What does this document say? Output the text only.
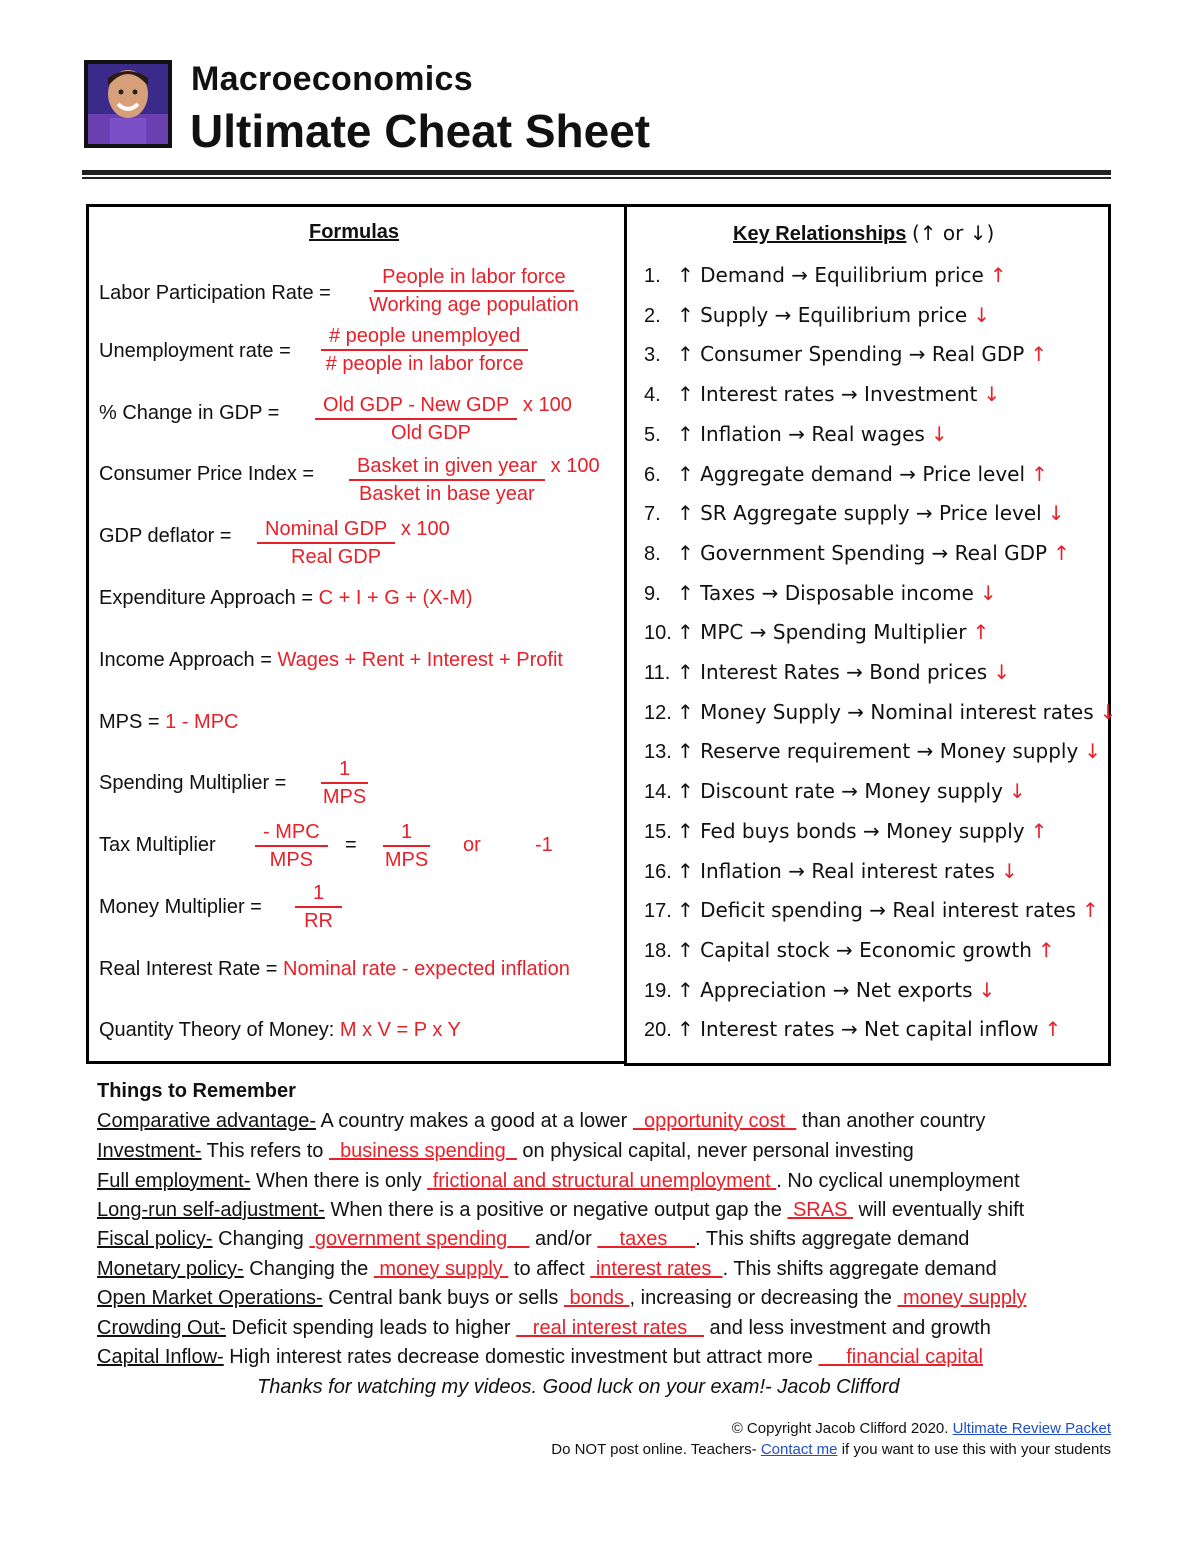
Macroeconomics
Ultimate Cheat Sheet
Formulas
Labor Participation Rate =
People in labor force
Working age population
Unemployment rate =
# people unemployed
# people in labor force
% Change in GDP =	Old GDP - New GDP x 100
Old GDP
Consumer Price Index =	Basket in given year x 100
Basket in base year
GDP deflator =	Nominal GDP x 100
Real GDP
Expenditure Approach = C + I + G + (X-M)
Income Approach = Wages + Rent + Interest + Profit
MPS = 1 - MPC
Spending Multiplier =
1
MPS
Tax Multiplier
- MPC
MPS
=
1
MPS
or	-1
Money Multiplier = $\frac{1}{RR}$
Real Interest Rate = Nominal rate - expected inflation
Quantity Theory of Money: M x V = P x Y
Key Relationships (↑ or ↓)
1. ↑ Demand → Equilibrium price ↑
2. ↑ Supply → Equilibrium price ↓
3. ↑ Consumer Spending → Real GDP ↑
4. ↑ Interest rates → Investment ↓
5. ↑ Inflation → Real wages ↓
6. ↑ Aggregate demand → Price level ↑
7. ↑ SR Aggregate supply → Price level ↓
8. ↑ Government Spending → Real GDP ↑
9. ↑ Taxes → Disposable income ↓
10. ↑ MPC → Spending Multiplier ↑
11. ↑ Interest Rates → Bond prices ↓
12. ↑ Money Supply → Nominal interest rates ↓
13. ↑ Reserve requirement → Money supply ↓
14. ↑ Discount rate → Money supply ↓
15. ↑ Fed buys bonds → Money supply ↑
16. ↑ Inflation → Real interest rates ↓
17. ↑ Deficit spending → Real interest rates ↑
18. ↑ Capital stock → Economic growth ↑
19. ↑ Appreciation → Net exports ↓
20. ↑ Interest rates → Net capital inflow ↑
Things to Remember
Comparative advantage- A country makes a good at a lower   opportunity cost   than another country
Investment- This refers to   business spending   on physical capital, never personal investing
Full employment- When there is only  frictional and structural unemployment . No cyclical unemployment
Long-run self-adjustment- When there is a positive or negative output gap the  SRAS  will eventually shift
Fiscal policy- Changing  government spending     and/or     taxes . This shifts aggregate demand
Monetary policy- Changing the  money supply  to affect  interest rates . This shifts aggregate demand
Open Market Operations- Central bank buys or sells  bonds , increasing or decreasing the  money supply
Crowding Out- Deficit spending leads to higher    real interest rates    and less investment and growth
Capital Inflow- High interest rates decrease domestic investment but attract more      financial capital
Thanks for watching my videos. Good luck on your exam!- Jacob Clifford
© Copyright Jacob Clifford 2020. Ultimate Review Packet
Do NOT post online. Teachers- Contact me if you want to use this with your students
